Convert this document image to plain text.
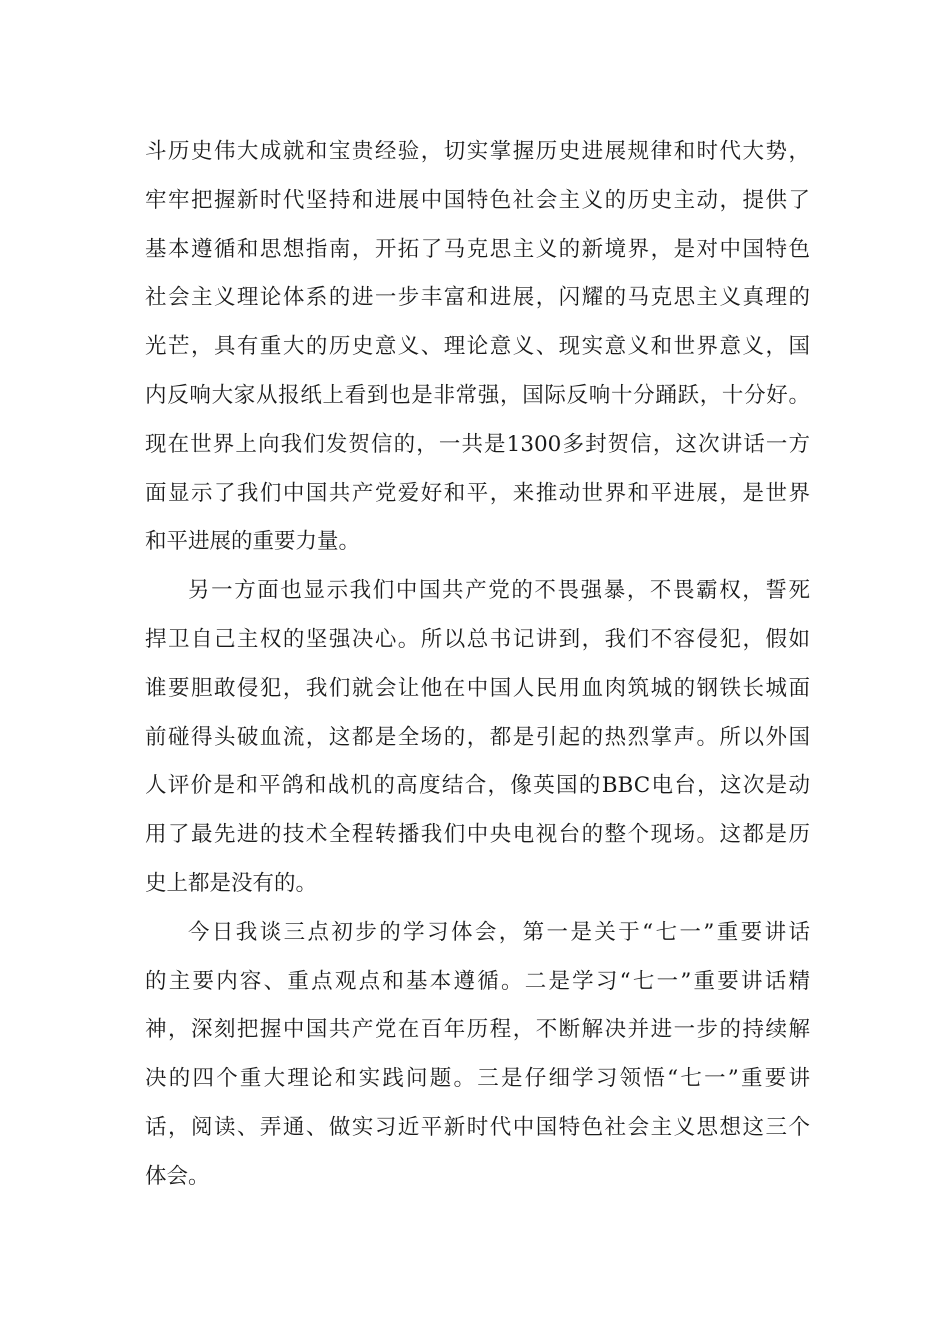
斗历史伟大成就和宝贵经验，切实掌握历史进展规律和时代大势，
牢牢把握新时代坚持和进展中国特色社会主义的历史主动，提供了
基本遵循和思想指南，开拓了马克思主义的新境界，是对中国特色
社会主义理论体系的进一步丰富和进展，闪耀的马克思主义真理的
光芒，具有重大的历史意义、理论意义、现实意义和世界意义，国
内反响大家从报纸上看到也是非常强，国际反响十分踊跃，十分好。
现在世界上向我们发贺信的，一共是1300多封贺信，这次讲话一方
面显示了我们中国共产党爱好和平，来推动世界和平进展，是世界
和平进展的重要力量。
另一方面也显示我们中国共产党的不畏强暴，不畏霸权，誓死
捍卫自己主权的坚强决心。所以总书记讲到，我们不容侵犯，假如
谁要胆敢侵犯，我们就会让他在中国人民用血肉筑城的钢铁长城面
前碰得头破血流，这都是全场的，都是引起的热烈掌声。所以外国
人评价是和平鸽和战机的高度结合，像英国的BBC电台，这次是动
用了最先进的技术全程转播我们中央电视台的整个现场。这都是历
史上都是没有的。
今日我谈三点初步的学习体会，第一是关于“七一”重要讲话
的主要内容、重点观点和基本遵循。二是学习“七一”重要讲话精
神，深刻把握中国共产党在百年历程，不断解决并进一步的持续解
决的四个重大理论和实践问题。三是仔细学习领悟“七一”重要讲
话，阅读、弄通、做实习近平新时代中国特色社会主义思想这三个
体会。
